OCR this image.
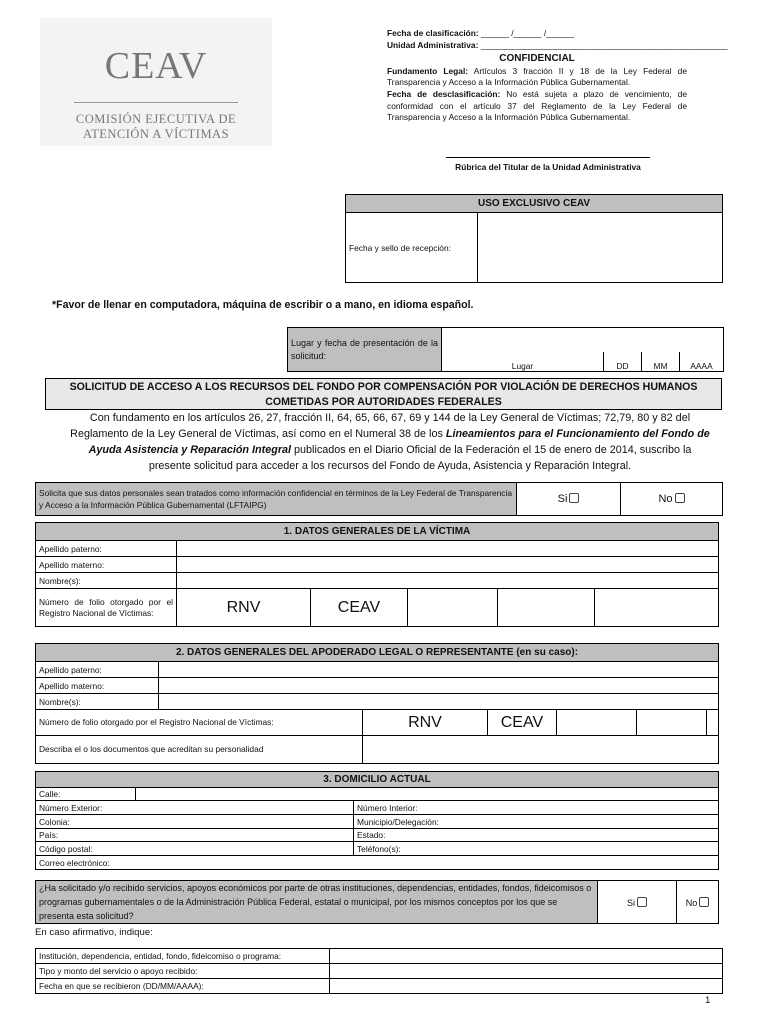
CEAV
COMISIÓN EJECUTIVA DE
ATENCIÓN A VÍCTIMAS
Fecha de clasificación: ______ /______ /______
Unidad Administrativa: _____________________________________________________
CONFIDENCIAL
Fundamento Legal: Artículos 3 fracción II y 18 de la Ley Federal de Transparencia y Acceso a la Información Pública Gubernamental.
Fecha de desclasificación: No está sujeta a plazo de vencimiento, de conformidad con el artículo 37 del Reglamento de la Ley Federal de Transparencia y Acceso a la Información Pública Gubernamental.
Rúbrica del Titular de la Unidad Administrativa
USO EXCLUSIVO CEAV
Fecha y sello de recepción:	
*Favor de llenar en computadora, máquina de escribir o a mano, en idioma español.
Lugar y fecha de presentación de la solicitud:				
	Lugar	DD	MM	AAAA
SOLICITUD DE ACCESO A LOS RECURSOS DEL FONDO POR COMPENSACIÓN POR VIOLACIÓN DE DERECHOS HUMANOS
COMETIDAS POR AUTORIDADES FEDERALES
Con fundamento en los artículos 26, 27, fracción II, 64, 65, 66, 67, 69 y 144 de la Ley General de Víctimas; 72,79, 80 y 82 del Reglamento de la Ley General de Víctimas, así como en el Numeral 38 de los Lineamientos para el Funcionamiento del Fondo de Ayuda Asistencia y Reparación Integral publicados en el Diario Oficial de la Federación el 15 de enero de 2014, suscribo la presente solicitud para acceder a los recursos del Fondo de Ayuda, Asistencia y Reparación Integral.
Solicita que sus datos personales sean tratados como información confidencial en términos de la Ley Federal de Transparencia y Acceso a la Información Pública Gubernamental (LFTAIPG)	Si	No
1. DATOS GENERALES DE LA VÍCTIMA					
Apellido paterno:					
Apellido materno:					
Nombre(s):					
Número de folio otorgado por el Registro Nacional de Víctimas:	RNV	CEAV			
2. DATOS GENERALES DEL APODERADO LEGAL O REPRESENTANTE (en su caso):						
Apellido paterno:						
Apellido materno:						
Nombre(s):						
Número de folio otorgado por el Registro Nacional de Víctimas:		RNV	CEAV			
Describa el o los documentos que acreditan su personalidad						
3. DOMICILIO ACTUAL		
Calle:		
Número Exterior:		Número Interior:
Colonia:		Municipio/Delegación:
País:		Estado:
Código postal:		Teléfono(s):
Correo electrónico:		
¿Ha solicitado y/o recibido servicios, apoyos económicos por parte de otras instituciones, dependencias, entidades, fondos, fideicomisos o programas gubernamentales o de la Administración Pública Federal, estatal o municipal, por los mismos conceptos por los que se presenta esta solicitud?	Si	No
En caso afirmativo, indique:
Institución, dependencia, entidad, fondo, fideicomiso o programa:	
Tipo y monto del servicio o apoyo recibido:	
Fecha en que se recibieron (DD/MM/AAAA):	
1
